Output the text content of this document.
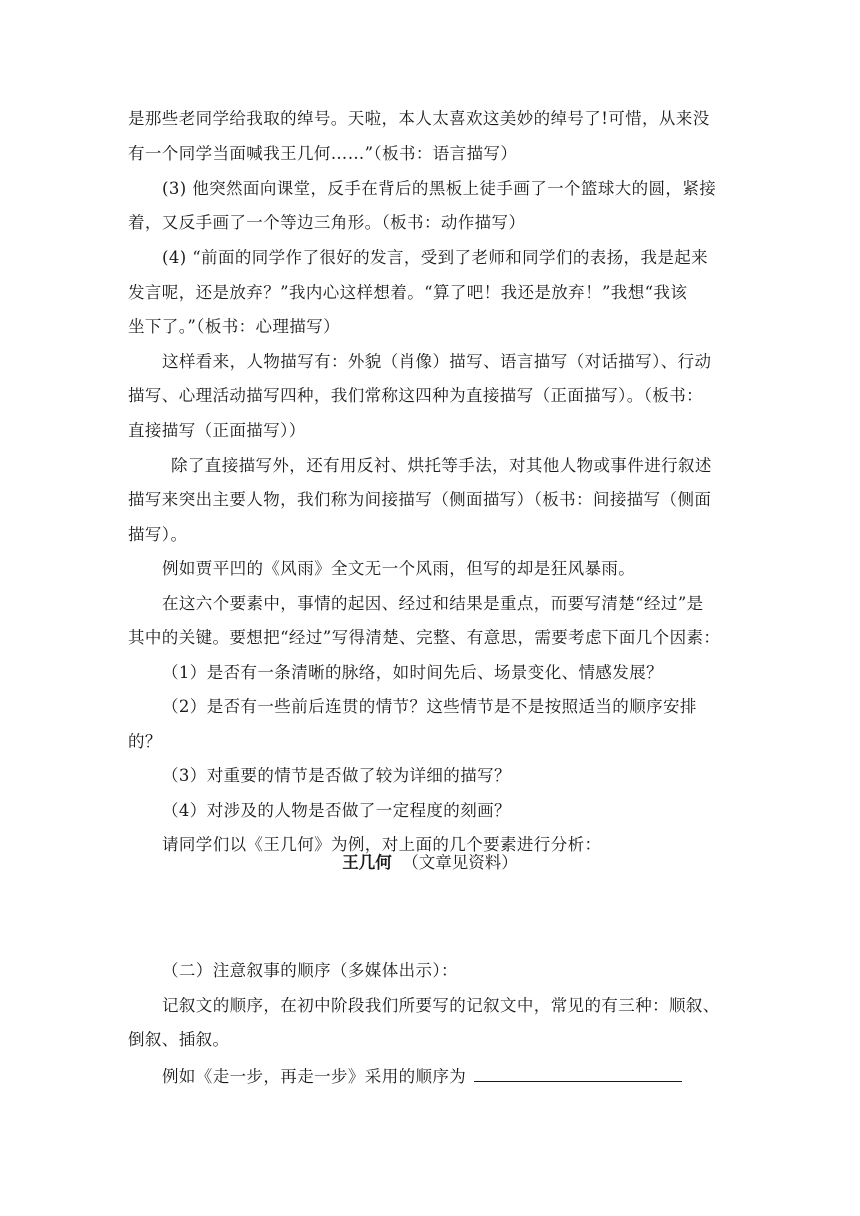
是那些老同学给我取的绰号。天啦，本人太喜欢这美妙的绰号了!可惜，从来没
有一个同学当面喊我王几何……”（板书：语言描写）
(3) 他突然面向课堂，反手在背后的黑板上徒手画了一个篮球大的圆，紧接
着，又反手画了一个等边三角形。（板书：动作描写）
(4) “前面的同学作了很好的发言，受到了老师和同学们的表扬，我是起来
发言呢，还是放弃？”我内心这样想着。“算了吧！我还是放弃！”我想“我该
坐下了。”（板书：心理描写）
这样看来，人物描写有：外貌（肖像）描写、语言描写（对话描写）、行动
描写、心理活动描写四种，我们常称这四种为直接描写（正面描写）。（板书：
直接描写（正面描写））
除了直接描写外，还有用反衬、烘托等手法，对其他人物或事件进行叙述
描写来突出主要人物，我们称为间接描写（侧面描写）（板书：间接描写（侧面
描写）。
例如贾平凹的《风雨》全文无一个风雨，但写的却是狂风暴雨。
在这六个要素中，事情的起因、经过和结果是重点，而要写清楚“经过”是
其中的关键。要想把“经过”写得清楚、完整、有意思，需要考虑下面几个因素：
（1）是否有一条清晰的脉络，如时间先后、场景变化、情感发展？
（2）是否有一些前后连贯的情节？这些情节是不是按照适当的顺序安排
的？
（3）对重要的情节是否做了较为详细的描写？
（4）对涉及的人物是否做了一定程度的刻画？
请同学们以《王几何》为例，对上面的几个要素进行分析：
王几何 （文章见资料）
（二）注意叙事的顺序（多媒体出示）：
记叙文的顺序，在初中阶段我们所要写的记叙文中，常见的有三种：顺叙、
倒叙、插叙。
例如《走一步，再走一步》采用的顺序为
